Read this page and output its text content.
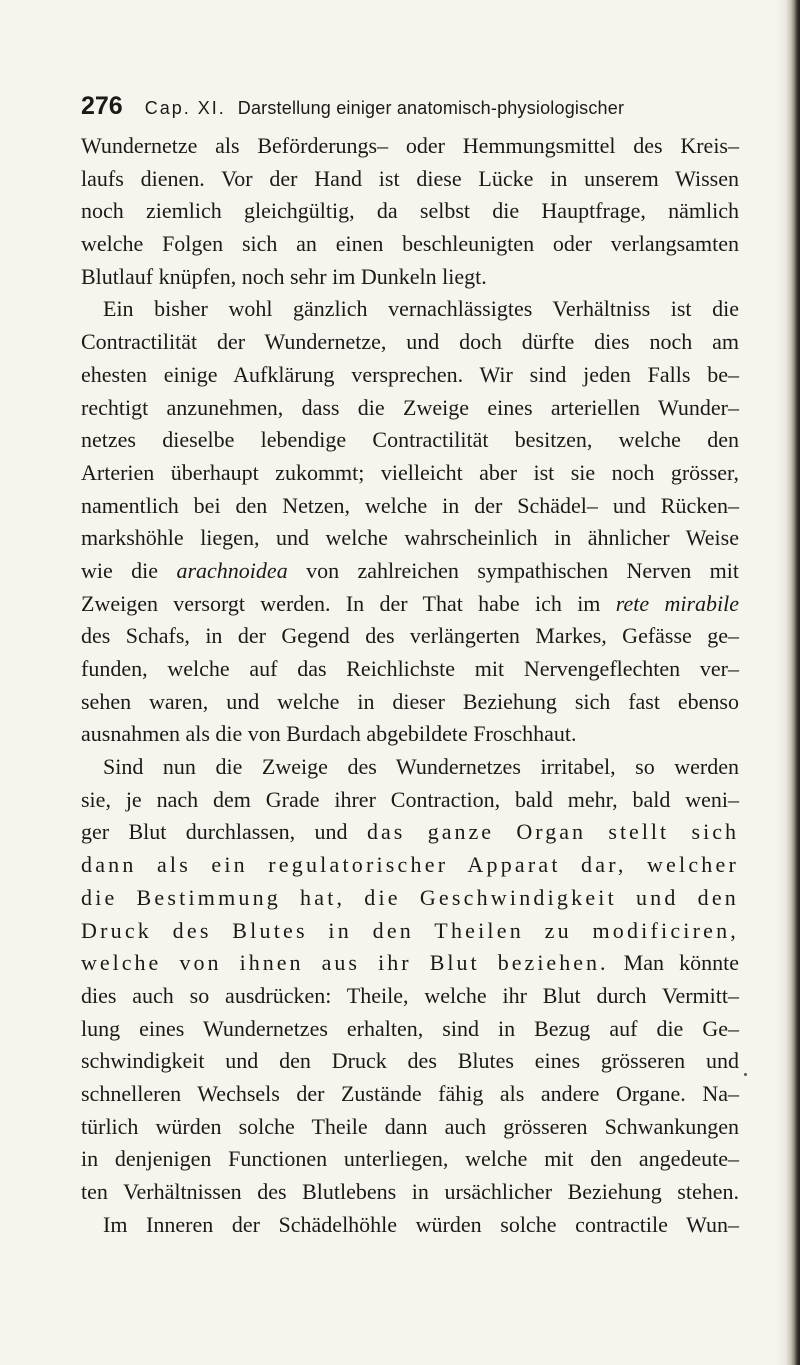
276 Cap. XI. Darstellung einiger anatomisch-physiologischer
Wundernetze als Beförderungs– oder Hemmungsmittel des Kreis–
laufs dienen. Vor der Hand ist diese Lücke in unserem Wissen
noch ziemlich gleichgültig, da selbst die Hauptfrage, nämlich
welche Folgen sich an einen beschleunigten oder verlangsamten
Blutlauf knüpfen, noch sehr im Dunkeln liegt.
Ein bisher wohl gänzlich vernachlässigtes Verhältniss ist die
Contractilität der Wundernetze, und doch dürfte dies noch am
ehesten einige Aufklärung versprechen. Wir sind jeden Falls be–
rechtigt anzunehmen, dass die Zweige eines arteriellen Wunder–
netzes dieselbe lebendige Contractilität besitzen, welche den
Arterien überhaupt zukommt; vielleicht aber ist sie noch grösser,
namentlich bei den Netzen, welche in der Schädel– und Rücken–
markshöhle liegen, und welche wahrscheinlich in ähnlicher Weise
wie die arachnoidea von zahlreichen sympathischen Nerven mit
Zweigen versorgt werden. In der That habe ich im rete mirabile
des Schafs, in der Gegend des verlängerten Markes, Gefässe ge–
funden, welche auf das Reichlichste mit Nervengeflechten ver–
sehen waren, und welche in dieser Beziehung sich fast ebenso
ausnahmen als die von Burdach abgebildete Froschhaut.
Sind nun die Zweige des Wundernetzes irritabel, so werden
sie, je nach dem Grade ihrer Contraction, bald mehr, bald weni–
ger Blut durchlassen, und das ganze Organ stellt sich
dann als ein regulatorischer Apparat dar, welcher
die Bestimmung hat, die Geschwindigkeit und den
Druck des Blutes in den Theilen zu modificiren,
welche von ihnen aus ihr Blut beziehen. Man könnte
dies auch so ausdrücken: Theile, welche ihr Blut durch Vermitt–
lung eines Wundernetzes erhalten, sind in Bezug auf die Ge–
schwindigkeit und den Druck des Blutes eines grösseren und
schnelleren Wechsels der Zustände fähig als andere Organe. Na–
türlich würden solche Theile dann auch grösseren Schwankungen
in denjenigen Functionen unterliegen, welche mit den angedeute–
ten Verhältnissen des Blutlebens in ursächlicher Beziehung stehen.
Im Inneren der Schädelhöhle würden solche contractile Wun–
